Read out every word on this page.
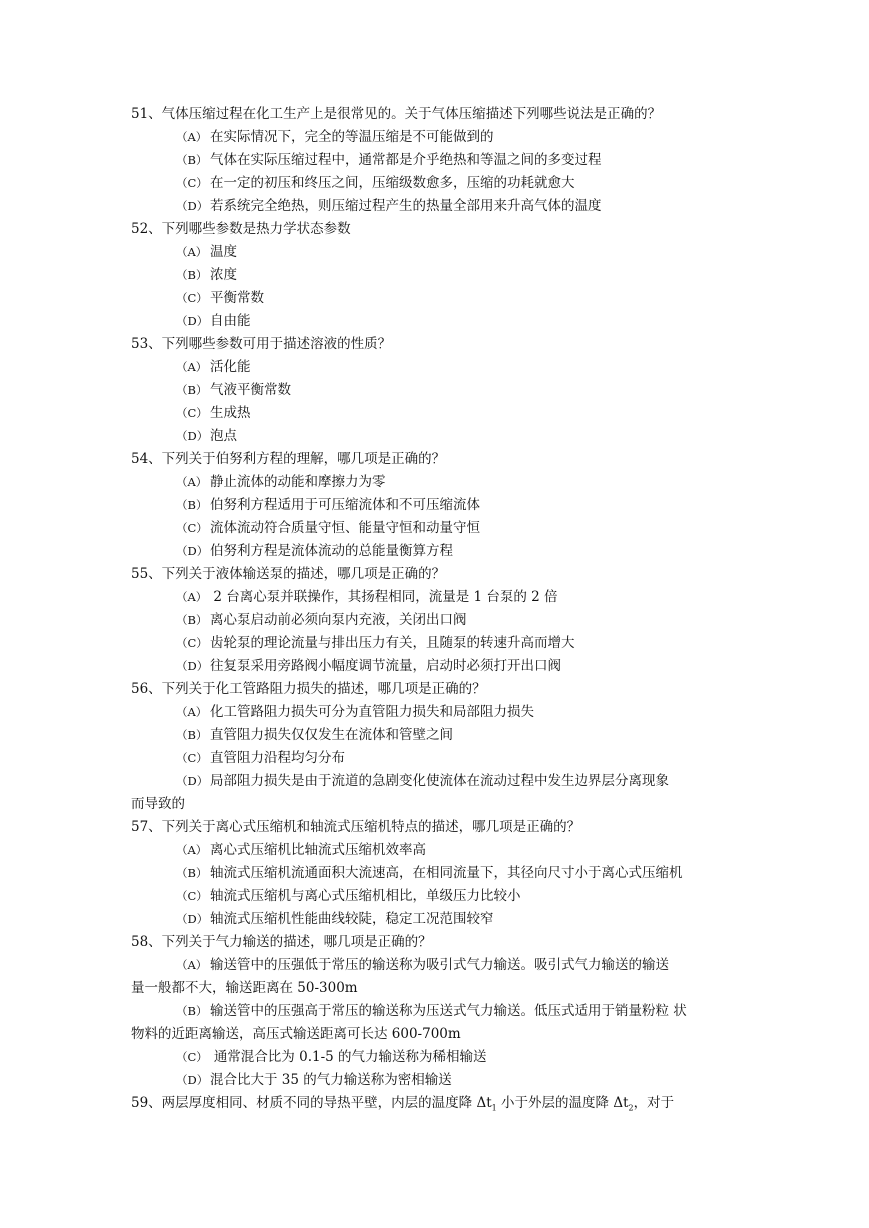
51、气体压缩过程在化工生产上是很常见的。关于气体压缩描述下列哪些说法是正确的？
（A） 在实际情况下，完全的等温压缩是不可能做到的
（B） 气体在实际压缩过程中，通常都是介乎绝热和等温之间的多变过程
（C） 在一定的初压和终压之间，压缩级数愈多，压缩的功耗就愈大
（D） 若系统完全绝热，则压缩过程产生的热量全部用来升高气体的温度
52、下列哪些参数是热力学状态参数
（A） 温度
（B） 浓度
（C） 平衡常数
（D） 自由能
53、下列哪些参数可用于描述溶液的性质？
（A） 活化能
（B） 气液平衡常数
（C） 生成热
（D） 泡点
54、下列关于伯努利方程的理解，哪几项是正确的？
（A） 静止流体的动能和摩擦力为零
（B） 伯努利方程适用于可压缩流体和不可压缩流体
（C） 流体流动符合质量守恒、能量守恒和动量守恒
（D） 伯努利方程是流体流动的总能量衡算方程
55、下列关于液体输送泵的描述，哪几项是正确的？
（A） 2 台离心泵并联操作，其扬程相同，流量是 1 台泵的 2 倍
（B） 离心泵启动前必须向泵内充液，关闭出口阀
（C） 齿轮泵的理论流量与排出压力有关，且随泵的转速升高而增大
（D） 往复泵采用旁路阀小幅度调节流量，启动时必须打开出口阀
56、下列关于化工管路阻力损失的描述，哪几项是正确的？
（A） 化工管路阻力损失可分为直管阻力损失和局部阻力损失
（B） 直管阻力损失仅仅发生在流体和管壁之间
（C） 直管阻力沿程均匀分布
（D） 局部阻力损失是由于流道的急剧变化使流体在流动过程中发生边界层分离现象
而导致的
57、下列关于离心式压缩机和轴流式压缩机特点的描述，哪几项是正确的？
（A） 离心式压缩机比轴流式压缩机效率高
（B） 轴流式压缩机流通面积大流速高，在相同流量下，其径向尺寸小于离心式压缩机
（C） 轴流式压缩机与离心式压缩机相比，单级压力比较小
（D） 轴流式压缩机性能曲线较陡，稳定工况范围较窄
58、下列关于气力输送的描述，哪几项是正确的？
（A） 输送管中的压强低于常压的输送称为吸引式气力输送。吸引式气力输送的输送
量一般都不大，输送距离在 50-300m
（B） 输送管中的压强高于常压的输送称为压送式气力输送。低压式适用于销量粉粒 状
物料的近距离输送，高压式输送距离可长达 600-700m
（C） 通常混合比为 0.1-5 的气力输送称为稀相输送
（D） 混合比大于 35 的气力输送称为密相输送
59、两层厚度相同、材质不同的导热平壁，内层的温度降 $\Delta t_1$ 小于外层的温度降 $\Delta t_2$，对于
